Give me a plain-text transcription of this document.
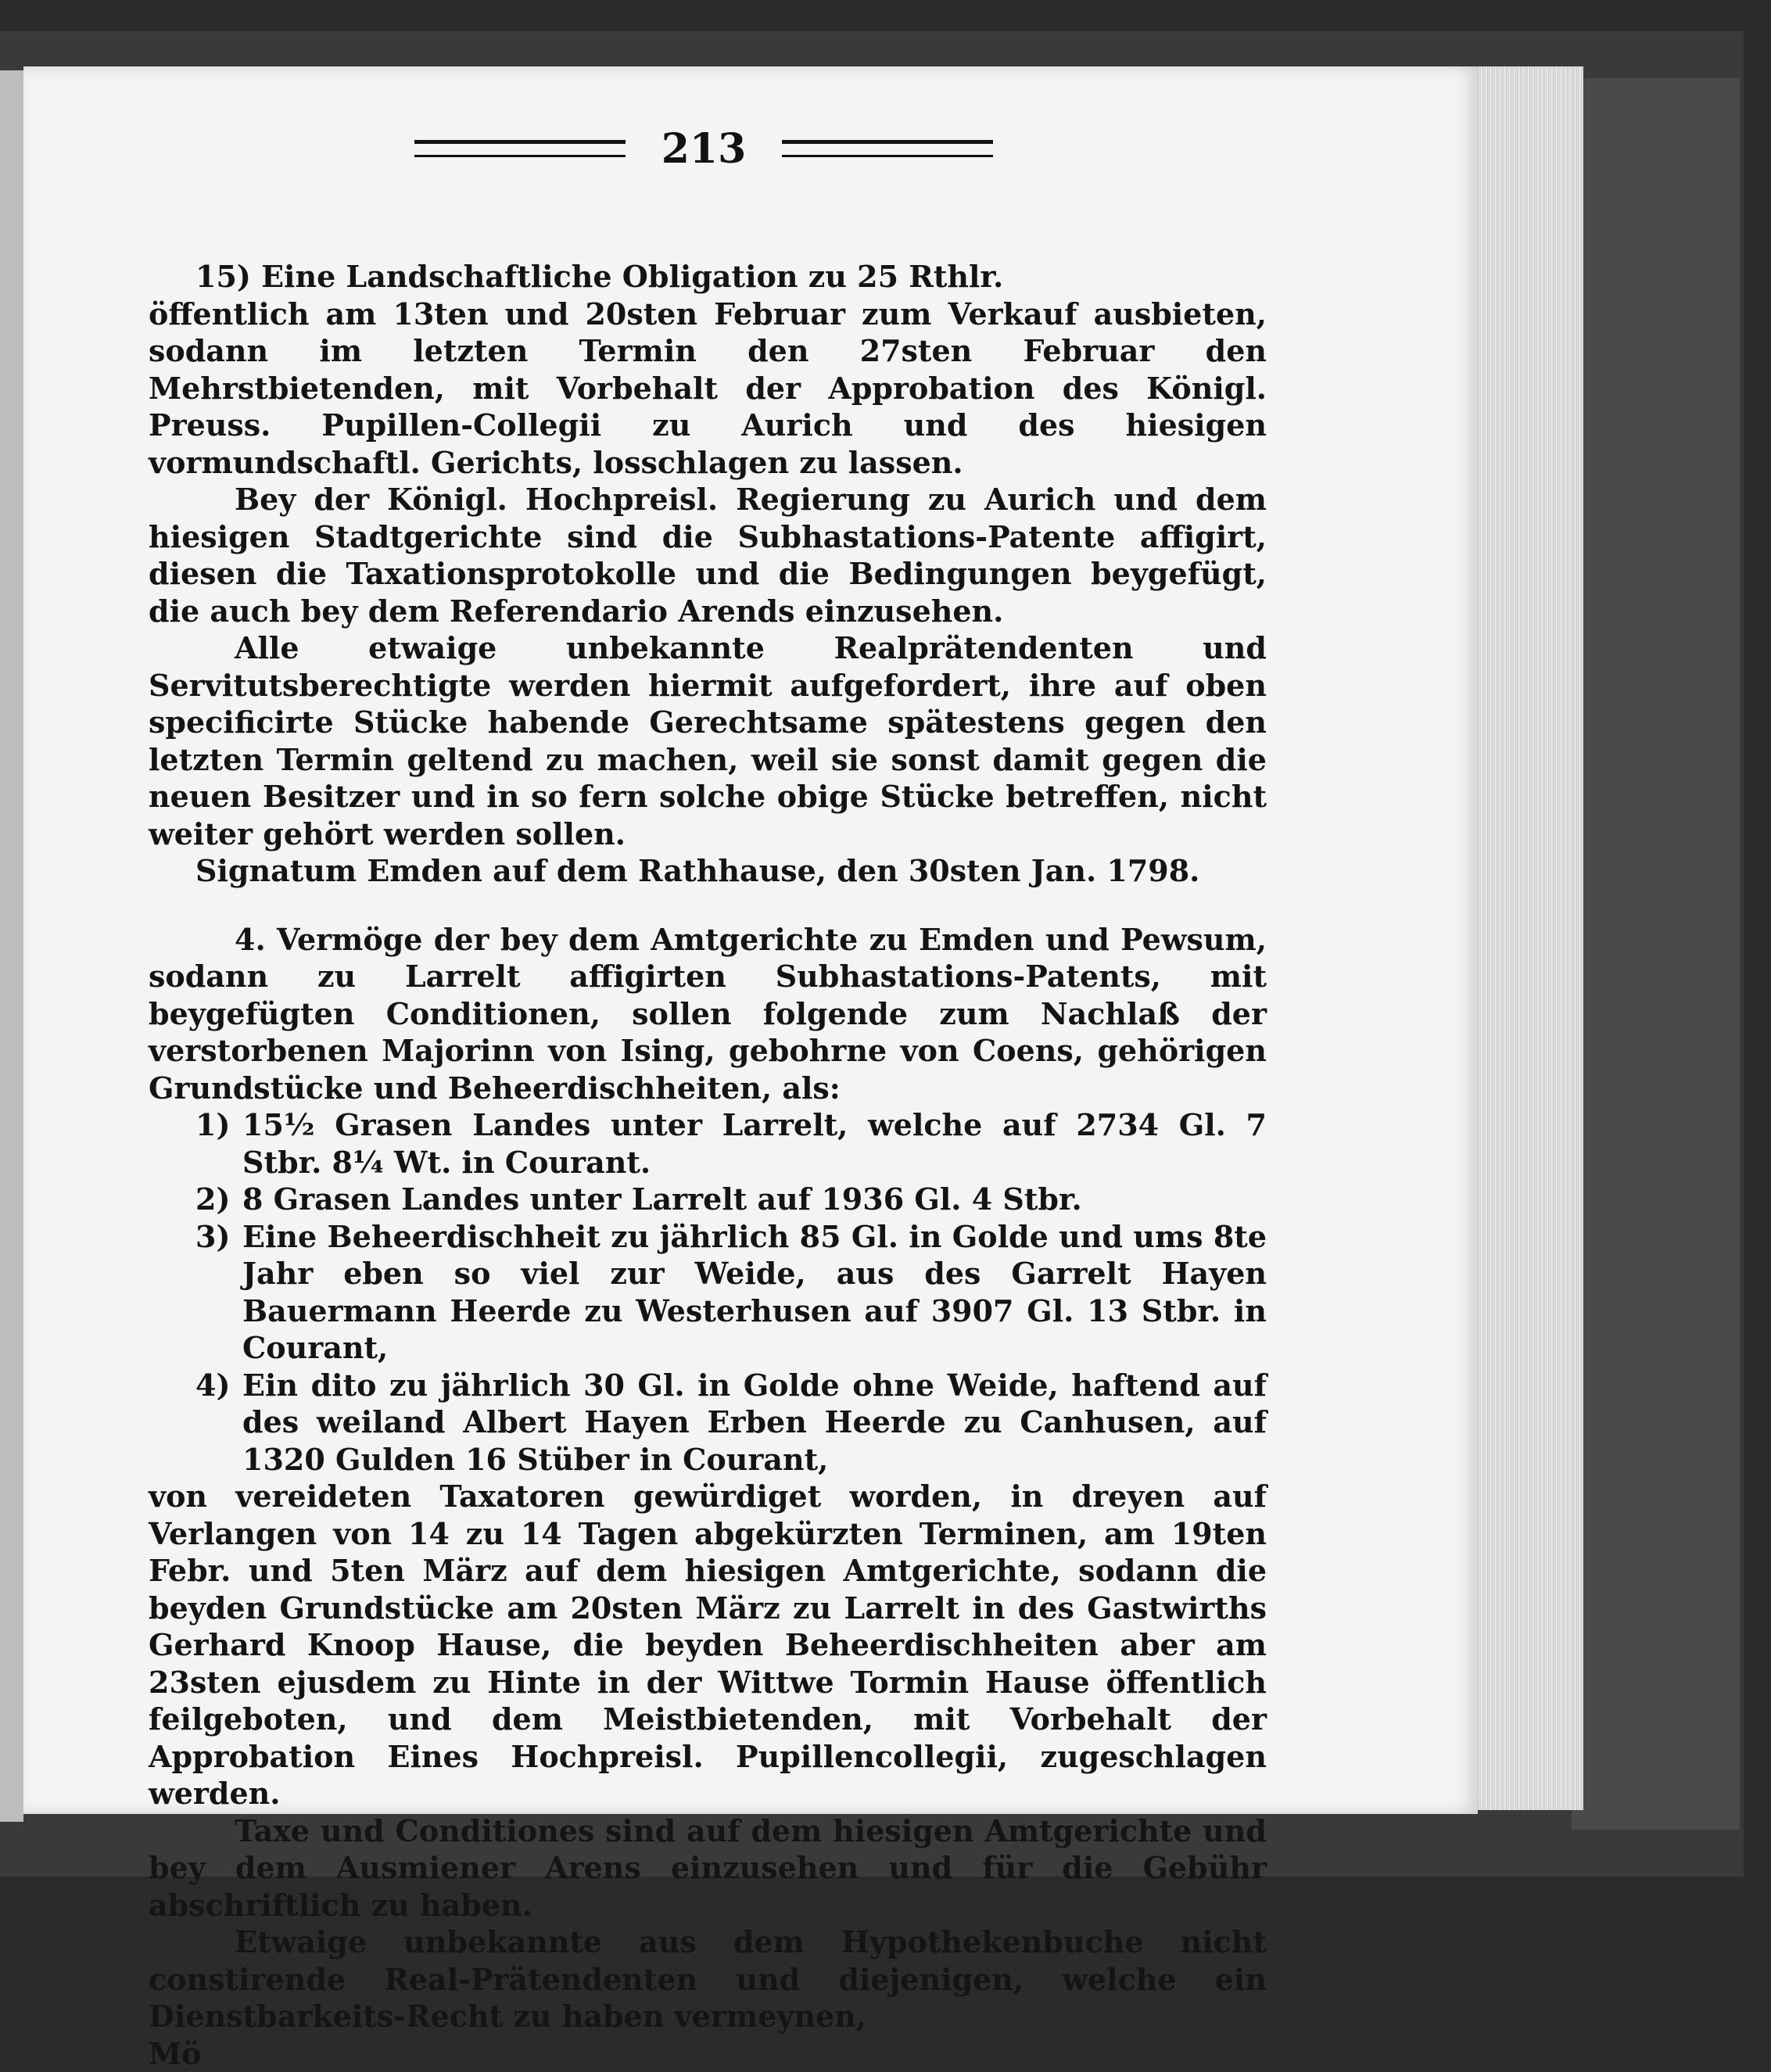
213

15) Eine Landschaftliche Obligation zu 25 Rthlr.

öffentlich am 13ten und 20sten Februar zum Verkauf ausbieten, sodann im letzten Termin den 27sten Februar den Mehrstbietenden, mit Vorbehalt der Approbation des Königl. Preuss. Pupillen-Collegii zu Aurich und des hiesigen vormundschaftl. Gerichts, losschlagen zu lassen.

Bey der Königl. Hochpreisl. Regierung zu Aurich und dem hiesigen Stadtgerichte sind die Subhastations-Patente affigirt, diesen die Taxationsprotokolle und die Bedingungen beygefügt, die auch bey dem Referendario Arends einzusehen.

Alle etwaige unbekannte Realprätendenten und Servitutsberechtigte werden hiermit aufgefordert, ihre auf oben specificirte Stücke habende Gerechtsame spätestens gegen den letzten Termin geltend zu machen, weil sie sonst damit gegen die neuen Besitzer und in so fern solche obige Stücke betreffen, nicht weiter gehört werden sollen.

Signatum Emden auf dem Rathhause, den 30sten Jan. 1798.

4. Vermöge der bey dem Amtgerichte zu Emden und Pewsum, sodann zu Larrelt affigirten Subhastations-Patents, mit beygefügten Conditionen, sollen folgende zum Nachlaß der verstorbenen Majorinn von Ising, gebohrne von Coens, gehörigen Grundstücke und Beheerdischheiten, als:

1) 15½ Grasen Landes unter Larrelt, welche auf 2734 Gl. 7 Stbr. 8¼ Wt. in Courant.

2) 8 Grasen Landes unter Larrelt auf 1936 Gl. 4 Stbr.

3) Eine Beheerdischheit zu jährlich 85 Gl. in Golde und ums 8te Jahr eben so viel zur Weide, aus des Garrelt Hayen Bauermann Heerde zu Westerhusen auf 3907 Gl. 13 Stbr. in Courant,

4) Ein dito zu jährlich 30 Gl. in Golde ohne Weide, haftend auf des weiland Albert Hayen Erben Heerde zu Canhusen, auf 1320 Gulden 16 Stüber in Courant,

von vereideten Taxatoren gewürdiget worden, in dreyen auf Verlangen von 14 zu 14 Tagen abgekürzten Terminen, am 19ten Febr. und 5ten März auf dem hiesigen Amtgerichte, sodann die beyden Grundstücke am 20sten März zu Larrelt in des Gastwirths Gerhard Knoop Hause, die beyden Beheerdischheiten aber am 23sten ejusdem zu Hinte in der Wittwe Tormin Hause öffentlich feilgeboten, und dem Meistbietenden, mit Vorbehalt der Approbation Eines Hochpreisl. Pupillencollegii, zugeschlagen werden.

Taxe und Conditiones sind auf dem hiesigen Amtgerichte und bey dem Ausmiener Arens einzusehen und für die Gebühr abschriftlich zu haben.

Etwaige unbekannte aus dem Hypothekenbuche nicht constirende Real-Prätendenten und diejenigen, welche ein Dienstbarkeits-Recht zu haben vermeynen,

Mö
